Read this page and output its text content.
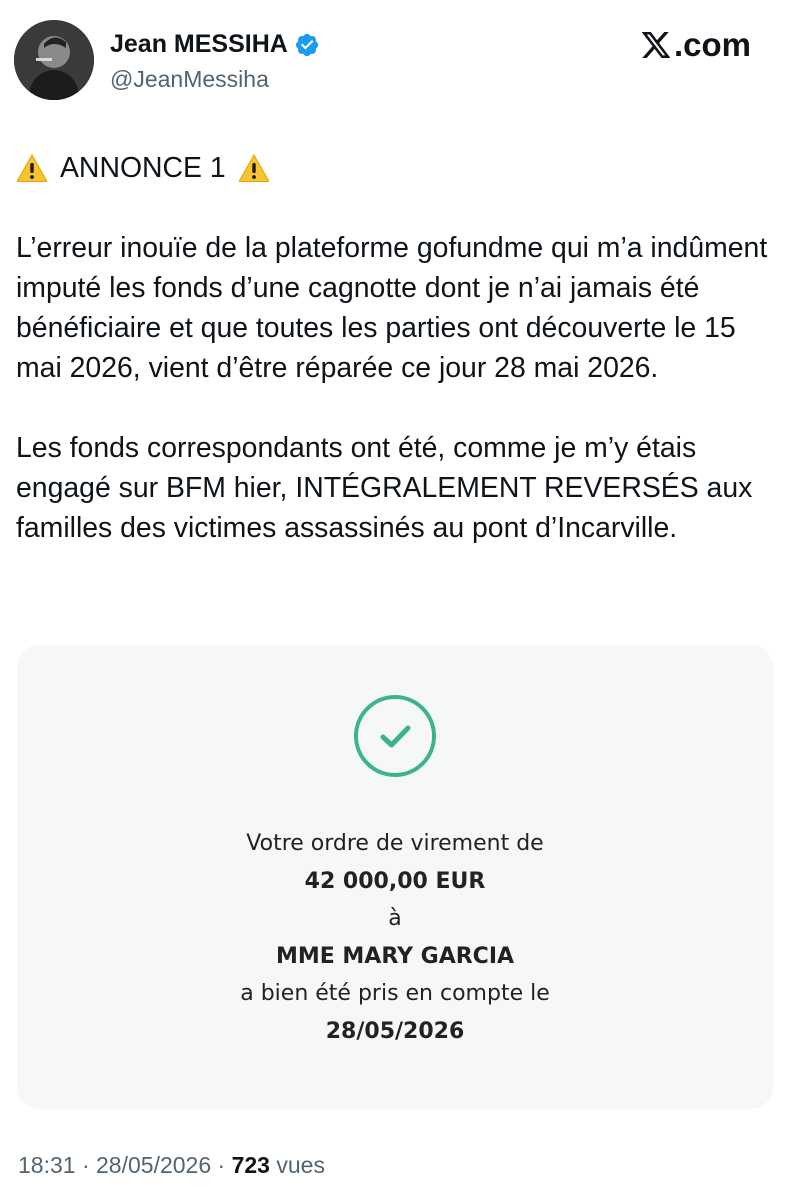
Jean MESSIHA
@JeanMessiha
.com

ANNONCE 1

L’erreur inouïe de la plateforme gofundme qui m’a indûment imputé les fonds d’une cagnotte dont je n’ai jamais été bénéficiaire et que toutes les parties ont découverte le 15 mai 2026, vient d’être réparée ce jour 28 mai 2026.

Les fonds correspondants ont été, comme je m’y étais engagé sur BFM hier, INTÉGRALEMENT REVERSÉS aux familles des victimes assassinés au pont d’Incarville.

Votre ordre de virement de
42 000,00 EUR
à
MME MARY GARCIA
a bien été pris en compte le
28/05/2026
18:31 · 28/05/2026 · 723 vues
